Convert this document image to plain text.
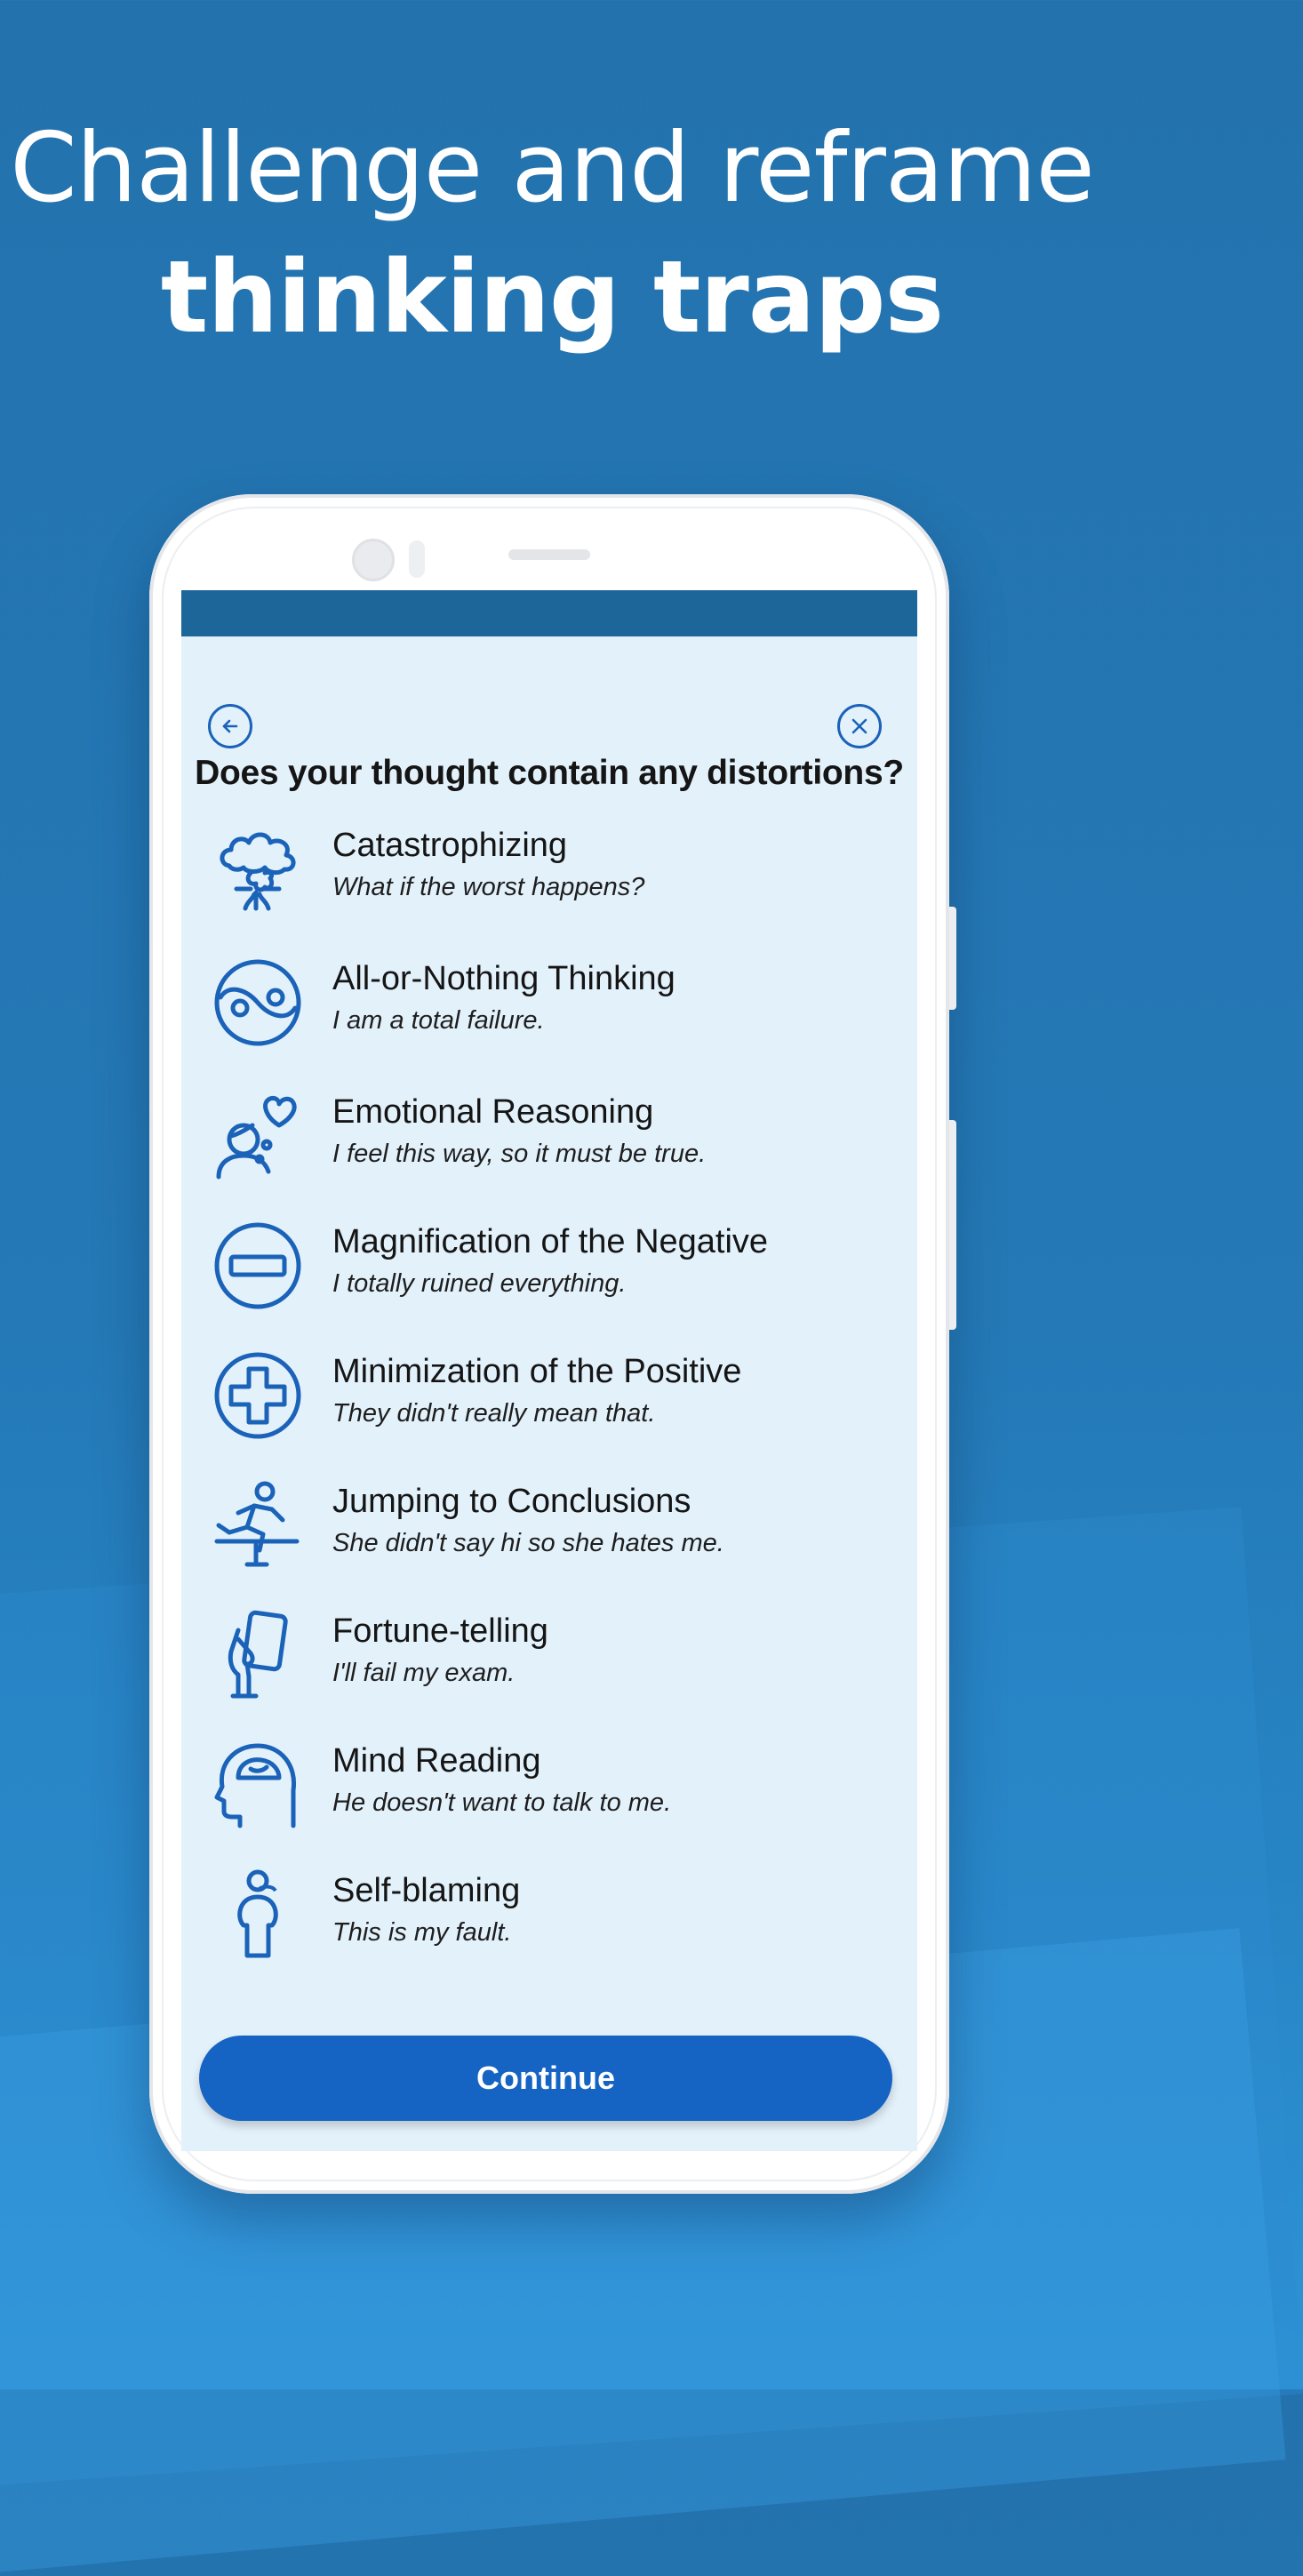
Challenge and reframe
thinking traps
Does your thought contain any distortions?
Catastrophizing
What if the worst happens?
All-or-Nothing Thinking
I am a total failure.
Emotional Reasoning
I feel this way, so it must be true.
Magnification of the Negative
I totally ruined everything.
Minimization of the Positive
They didn't really mean that.
Jumping to Conclusions
She didn't say hi so she hates me.
Fortune-telling
I'll fail my exam.
Mind Reading
He doesn't want to talk to me.
Self-blaming
This is my fault.
Continue
